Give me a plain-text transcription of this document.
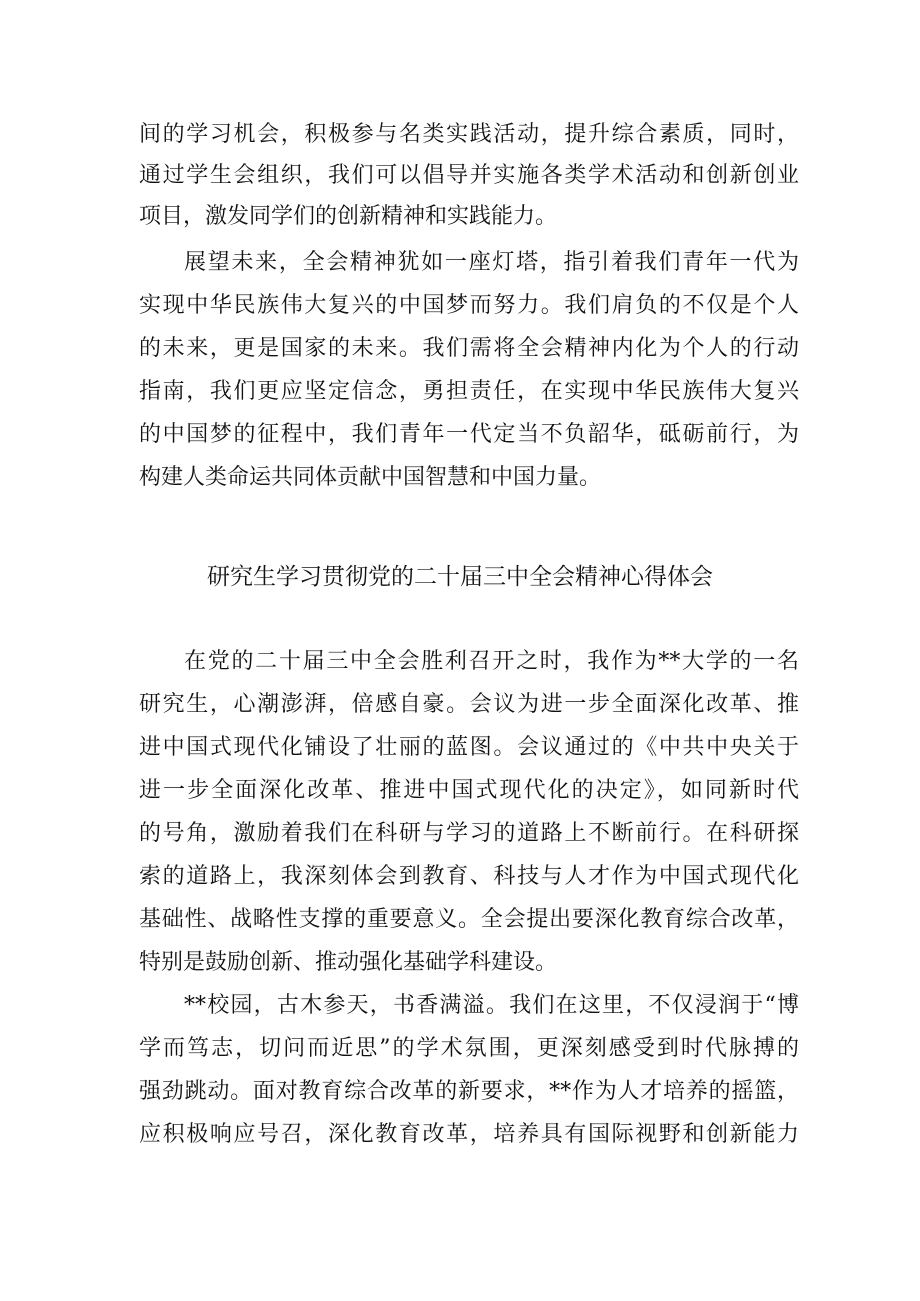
间的学习机会，积极参与名类实践活动，提升综合素质，同时，
通过学生会组织，我们可以倡导并实施各类学术活动和创新创业
项目，激发同学们的创新精神和实践能力。
展望未来，全会精神犹如一座灯塔，指引着我们青年一代为
实现中华民族伟大复兴的中国梦而努力。我们肩负的不仅是个人
的未来，更是国家的未来。我们需将全会精神内化为个人的行动
指南，我们更应坚定信念，勇担责任，在实现中华民族伟大复兴
的中国梦的征程中，我们青年一代定当不负韶华，砥砺前行，为
构建人类命运共同体贡献中国智慧和中国力量。
研究生学习贯彻党的二十届三中全会精神心得体会
在党的二十届三中全会胜利召开之时，我作为**大学的一名
研究生，心潮澎湃，倍感自豪。会议为进一步全面深化改革、推
进中国式现代化铺设了壮丽的蓝图。会议通过的《中共中央关于
进一步全面深化改革、推进中国式现代化的决定》，如同新时代
的号角，激励着我们在科研与学习的道路上不断前行。在科研探
索的道路上，我深刻体会到教育、科技与人才作为中国式现代化
基础性、战略性支撑的重要意义。全会提出要深化教育综合改革，
特别是鼓励创新、推动强化基础学科建设。
**校园，古木参天，书香满溢。我们在这里，不仅浸润于“博
学而笃志，切问而近思”的学术氛围，更深刻感受到时代脉搏的
强劲跳动。面对教育综合改革的新要求，**作为人才培养的摇篮，
应积极响应号召，深化教育改革，培养具有国际视野和创新能力
